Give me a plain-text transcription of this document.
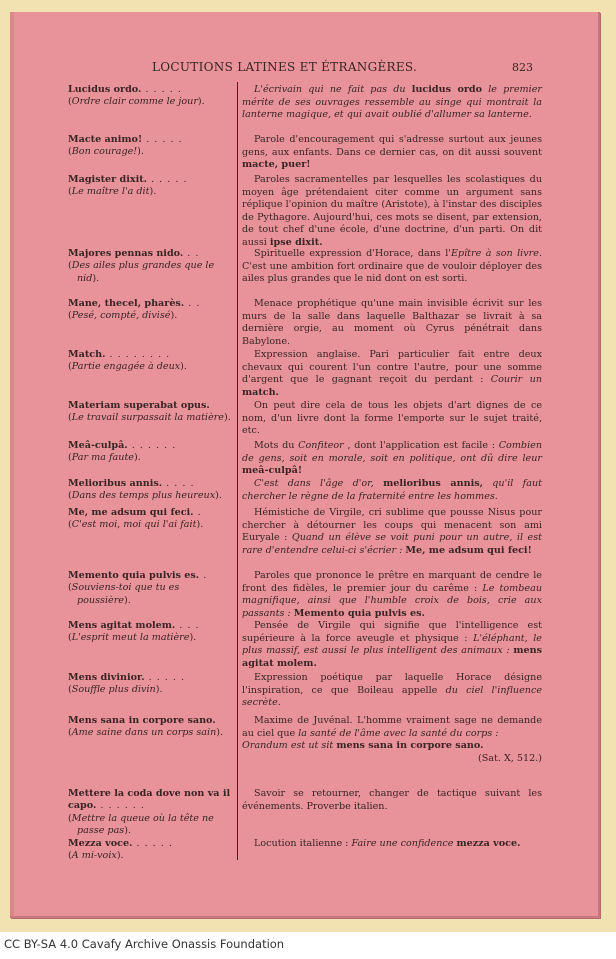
LOCUTIONS LATINES ET ÉTRANGÈRES.	823
Lucidus ordo. . . . . .
(Ordre clair comme le jour).

L'écrivain qui ne fait pas du lucidus ordo le premier mérite de ses ouvrages ressemble au singe qui montrait la lanterne magique, et qui avait oublié d'allumer sa lanterne.

Macte animo! . . . . .
(Bon courage!).

Parole d'encouragement qui s'adresse surtout aux jeunes gens, aux enfants. Dans ce dernier cas, on dit aussi souvent macte, puer!

Magister dixit. . . . . .
(Le maître l'a dit).

Paroles sacramentelles par lesquelles les scolastiques du moyen âge prétendaient citer comme un argument sans réplique l'opinion du maître (Aristote), à l'instar des disciples de Pythagore. Aujourd'hui, ces mots se disent, par extension, de tout chef d'une école, d'une doctrine, d'un parti. On dit aussi ipse dixit.

Majores pennas nido. . .
(Des ailes plus grandes que le nid).

Spirituelle expression d'Horace, dans l'Epître à son livre. C'est une ambition fort ordinaire que de vouloir déployer des ailes plus grandes que le nid dont on est sorti.

Mane, thecel, pharès. . .
(Pesé, compté, divisé).

Menace prophétique qu'une main invisible écrivit sur les murs de la salle dans laquelle Balthazar se livrait à sa dernière orgie, au moment où Cyrus pénétrait dans Babylone.

Match. . . . . . . . .
(Partie engagée à deux).

Expression anglaise. Pari particulier fait entre deux chevaux qui courent l'un contre l'autre, pour une somme d'argent que le gagnant reçoit du perdant : Courir un match.

Materiam superabat opus.
(Le travail surpassait la matière).

On peut dire cela de tous les objets d'art dignes de ce nom, d'un livre dont la forme l'emporte sur le sujet traité, etc.

Meâ-culpâ. . . . . . .
(Par ma faute).

Mots du Confiteor , dont l'application est facile : Combien de gens, soit en morale, soit en politique, ont dû dire leur meâ-culpâ!

Melioribus annis. . . . .
(Dans des temps plus heureux).

C'est dans l'âge d'or, melioribus annis, qu'il faut chercher le règne de la fraternité entre les hommes.

Me, me adsum qui feci. .
(C'est moi, moi qui l'ai fait).

Hémistiche de Virgile, cri sublime que pousse Nisus pour chercher à détourner les coups qui menacent son ami Euryale : Quand un élève se voit puni pour un autre, il est rare d'entendre celui-ci s'écrier : Me, me adsum qui feci!

Memento quia pulvis es. .
(Souviens-toi que tu es poussière).

Paroles que prononce le prêtre en marquant de cendre le front des fidèles, le premier jour du carême : Le tombeau magnifique, ainsi que l'humble croix de bois, crie aux passants : Memento quia pulvis es.

Mens agitat molem. . . .
(L'esprit meut la matière).

Pensée de Virgile qui signifie que l'intelligence est supérieure à la force aveugle et physique : L'éléphant, le plus massif, est aussi le plus intelligent des animaux : mens agitat molem.

Mens divinior. . . . . .
(Souffle plus divin).

Expression poétique par laquelle Horace désigne l'inspiration, ce que Boileau appelle du ciel l'influence secrète.

Mens sana in corpore sano.
(Ame saine dans un corps sain).

Maxime de Juvénal. L'homme vraiment sage ne demande au ciel que la santé de l'âme avec la santé du corps :

Orandum est ut sit mens sana in corpore sano.

(Sat. X, 512.)

Mettere la coda dove non va il capo. . . . . . .
(Mettre la queue où la tête ne passe pas).

Savoir se retourner, changer de tactique suivant les événements. Proverbe italien.

Mezza voce. . . . . .
(A mi-voix).

Locution italienne : Faire une confidence mezza voce.

CC BY-SA 4.0 Cavafy Archive Onassis Foundation
